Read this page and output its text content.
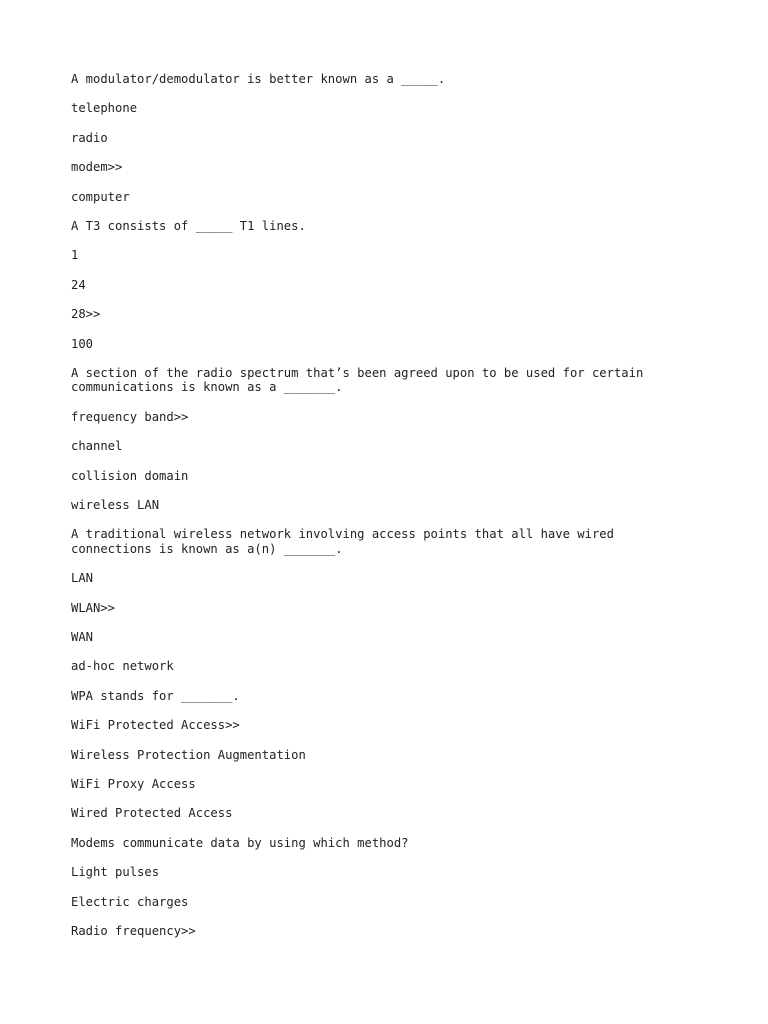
A modulator/demodulator is better known as a _____.

telephone

radio

modem>>

computer

A T3 consists of _____ T1 lines.

1

24

28>>

100

A section of the radio spectrum that’s been agreed upon to be used for certain communications is known as a _______.

frequency band>>

channel

collision domain

wireless LAN

A traditional wireless network involving access points that all have wired connections is known as a(n) _______.

LAN

WLAN>>

WAN

ad-hoc network

WPA stands for _______.

WiFi Protected Access>>

Wireless Protection Augmentation

WiFi Proxy Access

Wired Protected Access

Modems communicate data by using which method?

Light pulses

Electric charges

Radio frequency>>
